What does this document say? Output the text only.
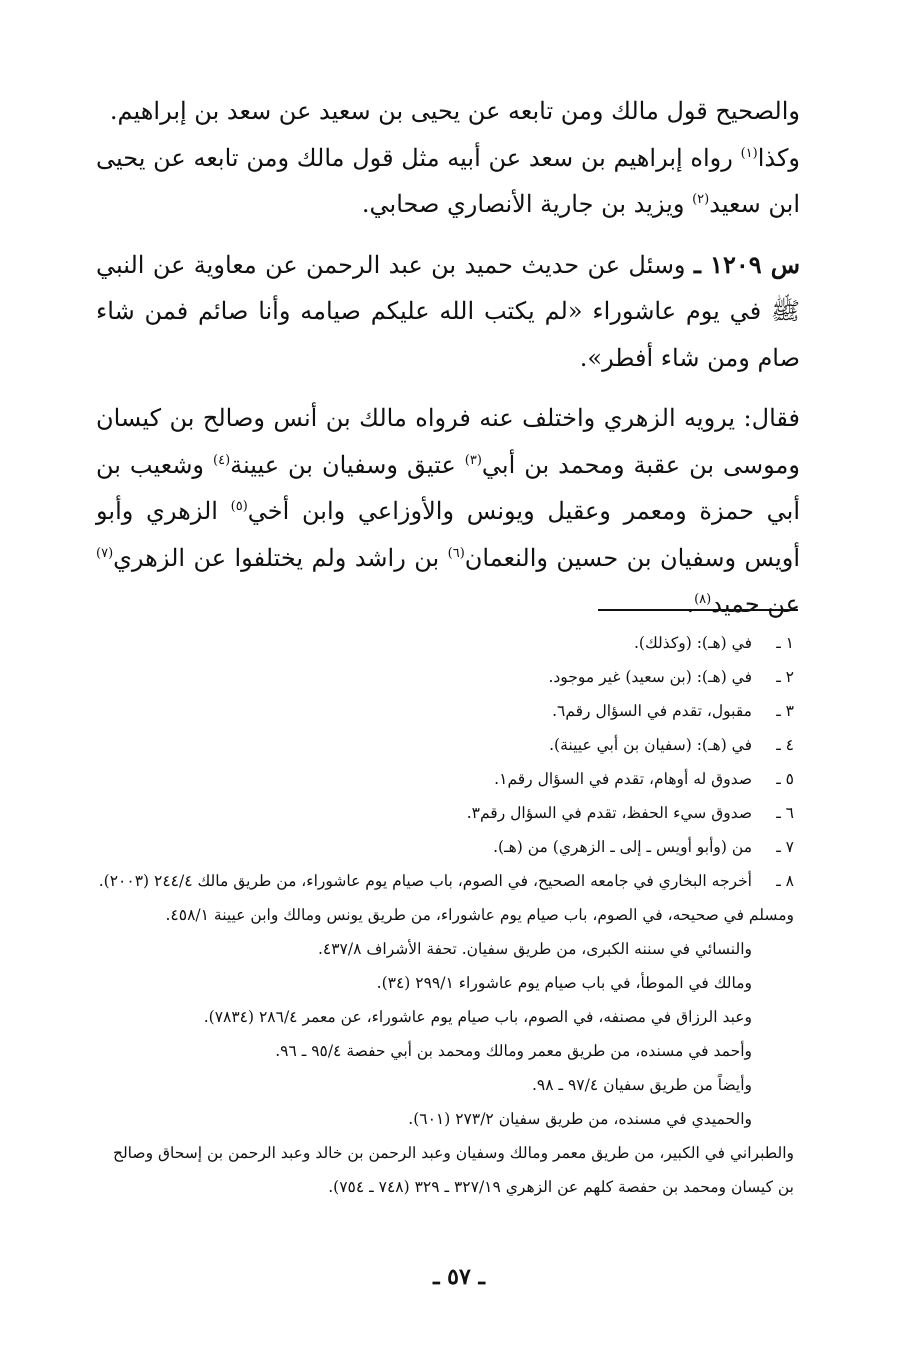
والصحيح قول مالك ومن تابعه عن يحيى بن سعيد عن سعد بن إبراهيم.

وكذا$^{(١)}$ رواه إبراهيم بن سعد عن أبيه مثل قول مالك ومن تابعه عن يحيى ابن سعيد$^{(٢)}$ ويزيد بن جارية الأنصاري صحابي.

س ١٢٠٩ ـ وسئل عن حديث حميد بن عبد الرحمن عن معاوية عن النبي ﷺ في يوم عاشوراء «لم يكتب الله عليكم صيامه وأنا صائم فمن شاء صام ومن شاء أفطر».

فقال: يرويه الزهري واختلف عنه فرواه مالك بن أنس وصالح بن كيسان وموسى بن عقبة ومحمد بن أبي$^{(٣)}$ عتيق وسفيان بن عيينة$^{(٤)}$ وشعيب بن أبي حمزة ومعمر وعقيل ويونس والأوزاعي وابن أخي$^{(٥)}$ الزهري وأبو أويس وسفيان بن حسين والنعمان$^{(٦)}$ بن راشد ولم يختلفوا عن الزهري$^{(٧)}$ عن حميد$^{(٨)}$.

١ ـ
في (هـ): (وكذلك).
٢ ـ
في (هـ): (بن سعيد) غير موجود.
٣ ـ
مقبول، تقدم في السؤال رقم٦.
٤ ـ
في (هـ): (سفيان بن أبي عيينة).
٥ ـ
صدوق له أوهام، تقدم في السؤال رقم١.
٦ ـ
صدوق سيء الحفظ، تقدم في السؤال رقم٣.
٧ ـ
من (وأبو أويس ـ إلى ـ الزهري) من (هـ).
٨ ـ
أخرجه البخاري في جامعه الصحيح، في الصوم، باب صيام يوم عاشوراء، من طريق مالك ٢٤٤/٤ (٢٠٠٣).
ومسلم في صحيحه، في الصوم، باب صيام يوم عاشوراء، من طريق يونس ومالك وابن عيينة ٤٥٨/١.
والنسائي في سننه الكبرى، من طريق سفيان. تحفة الأشراف ٤٣٧/٨.
ومالك في الموطأ، في باب صيام يوم عاشوراء ٢٩٩/١ (٣٤).
وعبد الرزاق في مصنفه، في الصوم، باب صيام يوم عاشوراء، عن معمر ٢٨٦/٤ (٧٨٣٤).
وأحمد في مسنده، من طريق معمر ومالك ومحمد بن أبي حفصة ٩٥/٤ ـ ٩٦.
وأيضاً من طريق سفيان ٩٧/٤ ـ ٩٨.
والحميدي في مسنده، من طريق سفيان ٢٧٣/٢ (٦٠١).
والطبراني في الكبير، من طريق معمر ومالك وسفيان وعبد الرحمن بن خالد وعبد الرحمن بن إسحاق وصالح بن كيسان ومحمد بن حفصة كلهم عن الزهري ٣٢٧/١٩ ـ ٣٢٩ (٧٤٨ ـ ٧٥٤).
ـ ٥٧ ـ
